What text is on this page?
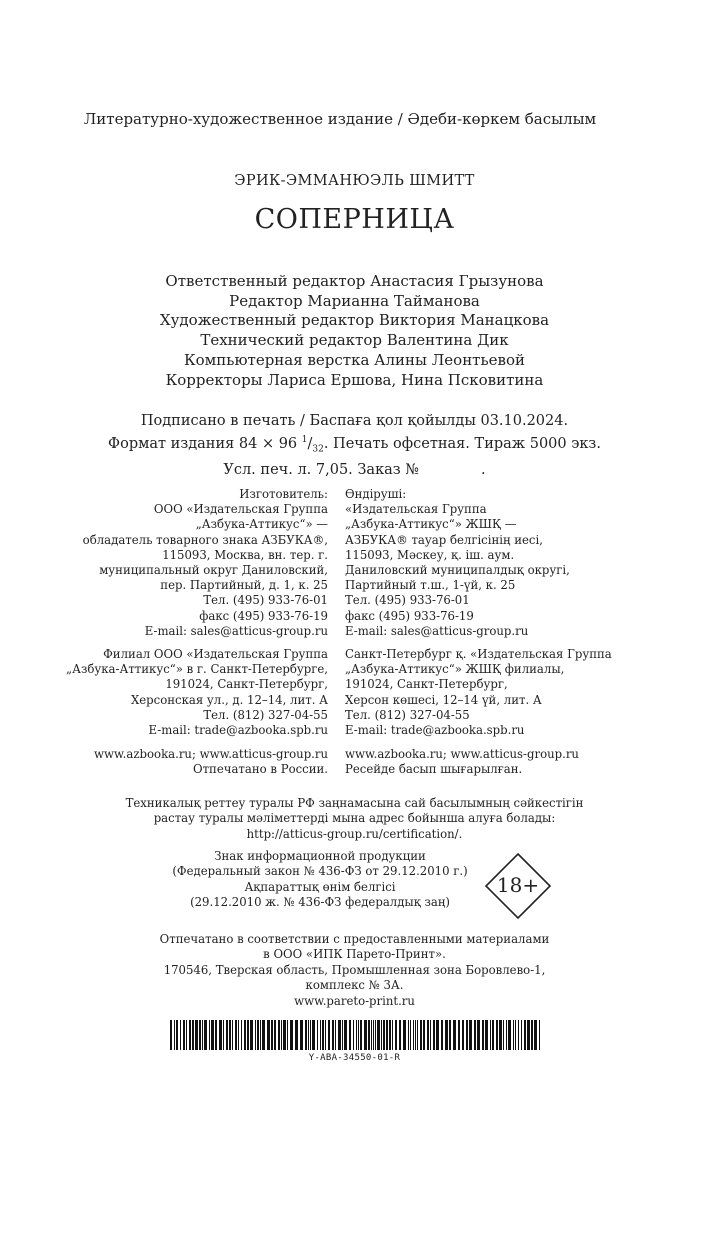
Литературно-художественное издание / Әдеби-көркем басылым
ЭРИК-ЭММАНЮЭЛЬ ШМИТТ
СОПЕРНИЦА
Ответственный редактор Анастасия Грызунова
Редактор Марианна Тайманова
Художественный редактор Виктория Манацкова
Технический редактор Валентина Дик
Компьютерная верстка Алины Леонтьевой
Корректоры Лариса Ершова, Нина Псковитина
Подписано в печать / Баспаға қол қойылды 03.10.2024.
Формат издания 84 × 96 $^1/_{32}$. Печать офсетная. Тираж 5000 экз.
Усл. печ. л. 7,05. Заказ №	.
Изготовитель:
ООО «Издательская Группа
„Азбука-Аттикус“» —
обладатель товарного знака АЗБУКА®,
115093, Москва, вн. тер. г.
муниципальный округ Даниловский,
пер. Партийный, д. 1, к. 25
Тел. (495) 933-76-01
факс (495) 933-76-19
E-mail: sales@atticus-group.ru
Өндіруші:
«Издательская Группа
„Азбука-Аттикус“» ЖШҚ —
АЗБУКА® тауар белгісінің иесі,
115093, Мәскеу, қ. іш. аум.
Даниловский муниципалдық округі,
Партийный т.ш., 1-үй, к. 25
Тел. (495) 933-76-01
факс (495) 933-76-19
E-mail: sales@atticus-group.ru
Филиал ООО «Издательская Группа
„Азбука-Аттикус“» в г. Санкт-Петербурге,
191024, Санкт-Петербург,
Херсонская ул., д. 12–14, лит. А
Тел. (812) 327-04-55
E-mail: trade@azbooka.spb.ru
Санкт-Петербург қ. «Издательская Группа
„Азбука-Аттикус“» ЖШҚ филиалы,
191024, Санкт-Петербург,
Херсон көшесі, 12–14 үй, лит. А
Тел. (812) 327-04-55
E-mail: trade@azbooka.spb.ru
www.azbooka.ru; www.atticus-group.ru
Отпечатано в России.
www.azbooka.ru; www.atticus-group.ru
Ресейде басып шығарылған.
Техникалық реттеу туралы РФ заңнамасына сай басылымның сәйкестігін
растау туралы мәліметтерді мына адрес бойынша алуға болады:
http://atticus-group.ru/certification/.
Знак информационной продукции
(Федеральный закон № 436-ФЗ от 29.12.2010 г.)
Ақпараттық өнім белгісі
(29.12.2010 ж. № 436-ФЗ федералдық заң)
18+
Отпечатано в соответствии с предоставленными материалами
в ООО «ИПК Парето-Принт».
170546, Тверская область, Промышленная зона Боровлево-1,
комплекс № 3А.
www.pareto-print.ru
Y-ABA-34550-01-R
